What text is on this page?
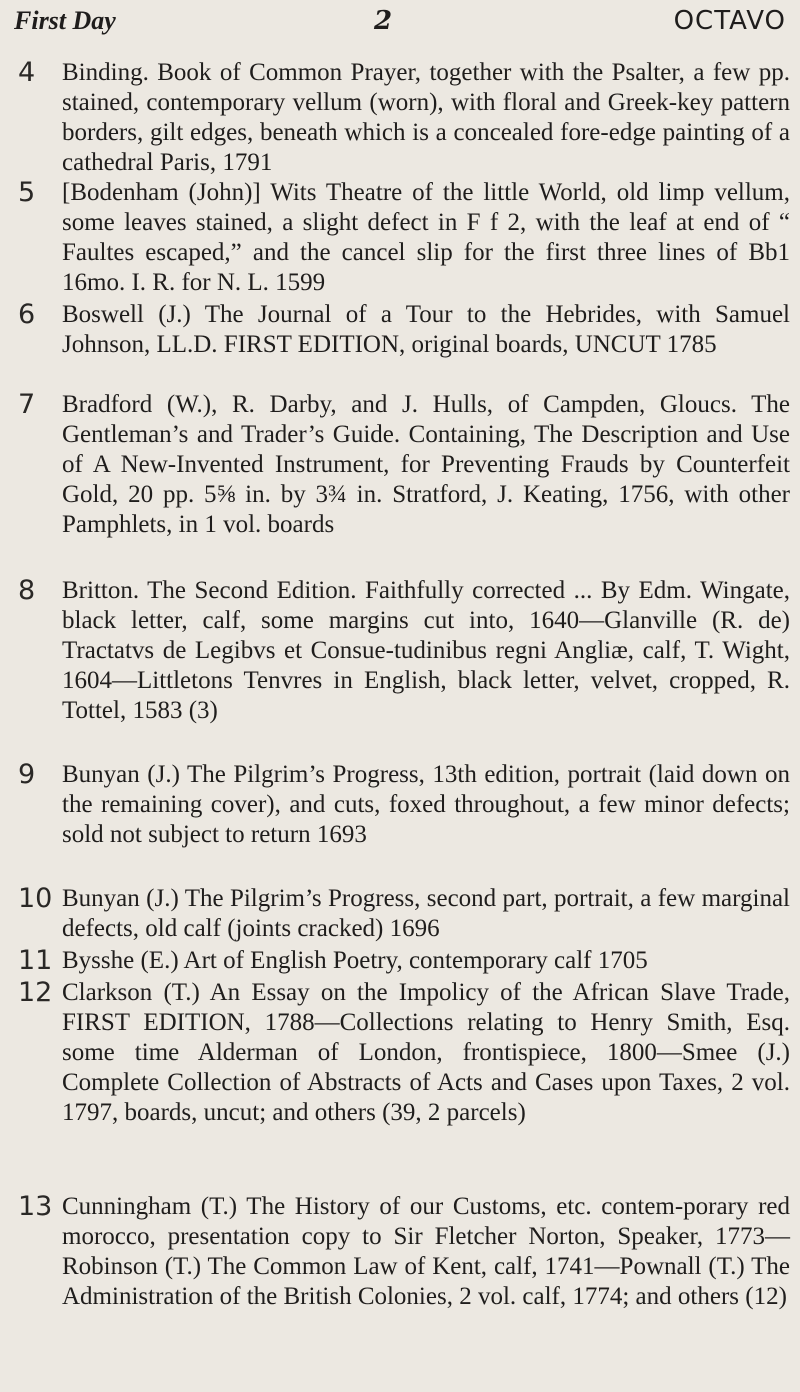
First Day	2	OCTAVO
4	Binding. Book of Common Prayer, together with the Psalter, a few pp. stained, contemporary vellum (worn), with floral and Greek-key pattern borders, gilt edges, beneath which is a concealed fore-edge painting of a cathedral Paris, 1791
5	[Bodenham (John)] Wits Theatre of the little World, old limp vellum, some leaves stained, a slight defect in F f 2, with the leaf at end of “ Faultes escaped,” and the cancel slip for the first three lines of Bb1 16mo. I. R. for N. L. 1599
6	Boswell (J.) The Journal of a Tour to the Hebrides, with Samuel Johnson, LL.D. FIRST EDITION, original boards, UNCUT 1785
7	Bradford (W.), R. Darby, and J. Hulls, of Campden, Gloucs. The Gentleman’s and Trader’s Guide. Containing, The Description and Use of A New-Invented Instrument, for Preventing Frauds by Counterfeit Gold, 20 pp. 5⅝ in. by 3¾ in. Stratford, J. Keating, 1756, with other Pamphlets, in 1 vol. boards
8	Britton. The Second Edition. Faithfully corrected ... By Edm. Wingate, black letter, calf, some margins cut into, 1640—Glanville (R. de) Tractatvs de Legibvs et Consue-tudinibus regni Angliæ, calf, T. Wight, 1604—Littletons Tenvres in English, black letter, velvet, cropped, R. Tottel, 1583 (3)
9	Bunyan (J.) The Pilgrim’s Progress, 13th edition, portrait (laid down on the remaining cover), and cuts, foxed throughout, a few minor defects; sold not subject to return 1693
10 Bunyan (J.) The Pilgrim’s Progress, second part, portrait, a few marginal defects, old calf (joints cracked) 1696
11 Bysshe (E.) Art of English Poetry, contemporary calf 1705
12 Clarkson (T.) An Essay on the Impolicy of the African Slave Trade, FIRST EDITION, 1788—Collections relating to Henry Smith, Esq. some time Alderman of London, frontispiece, 1800—Smee (J.) Complete Collection of Abstracts of Acts and Cases upon Taxes, 2 vol. 1797, boards, uncut; and others (39, 2 parcels)
13 Cunningham (T.) The History of our Customs, etc. contem-porary red morocco, presentation copy to Sir Fletcher Norton, Speaker, 1773—Robinson (T.) The Common Law of Kent, calf, 1741—Pownall (T.) The Administration of the British Colonies, 2 vol. calf, 1774; and others (12)
